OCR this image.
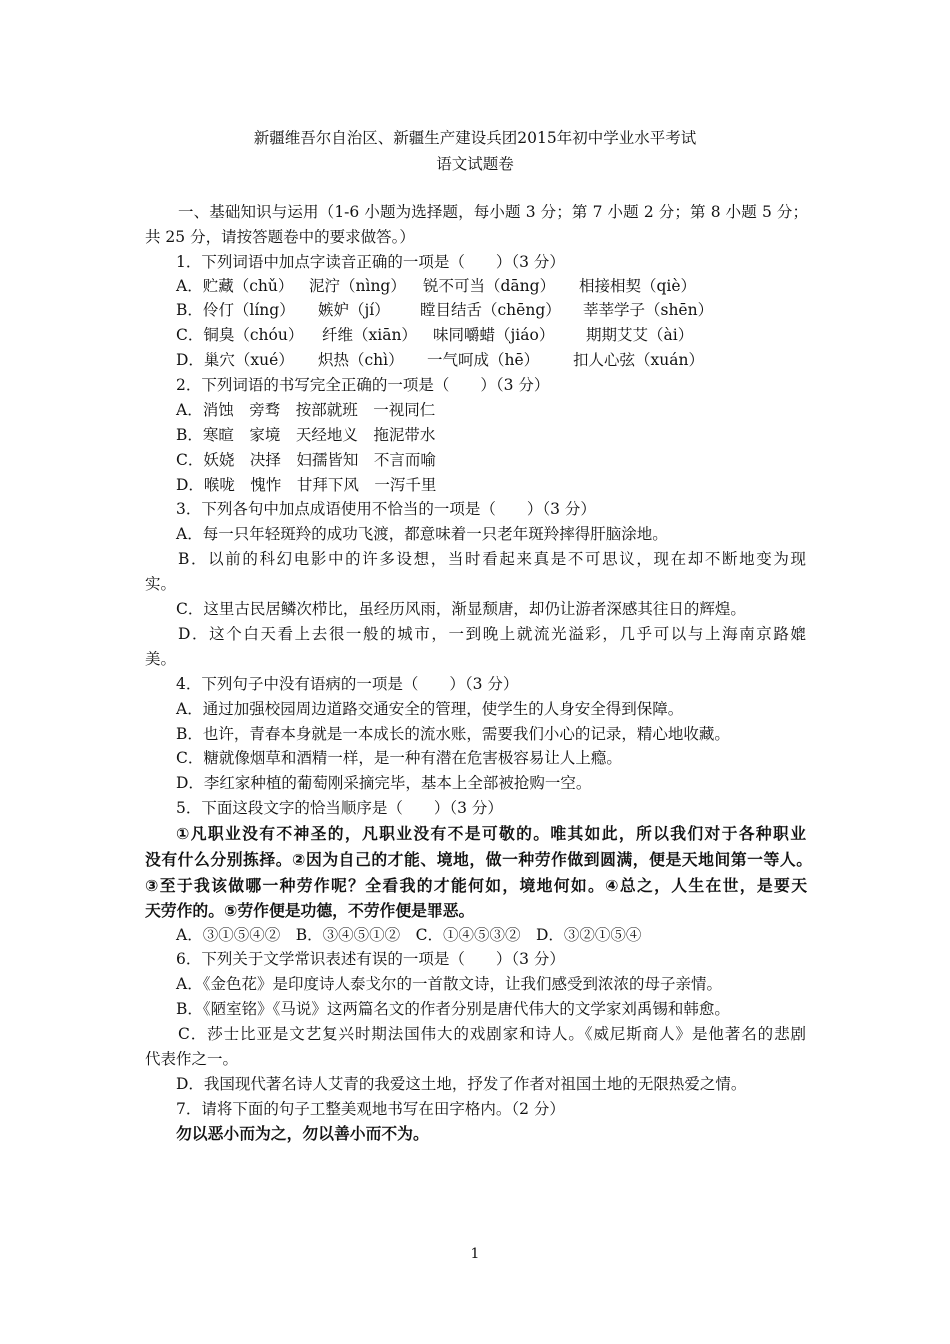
新疆维吾尔自治区、新疆生产建设兵团2015年初中学业水平考试
语文试题卷
一、基础知识与运用（1-6 小题为选择题，每小题 3 分；第 7 小题 2 分；第 8 小题 5 分；
共 25 分，请按答题卷中的要求做答。）
1．下列词语中加点字读音正确的一项是（　　）（3 分）
A．贮藏（chǔ） 泥泞（nìng） 锐不可当（dāng） 相接相契（qiè）
B．伶仃（líng） 嫉妒（jí） 瞠目结舌（chēng） 莘莘学子（shēn）
C．铜臭（chóu） 纤维（xiān） 味同嚼蜡（jiáo） 期期艾艾（ài）
D．巢穴（xué） 炽热（chì） 一气呵成（hē） 扣人心弦（xuán）
2．下列词语的书写完全正确的一项是（　　）（3 分）
A．消蚀　旁骛　按部就班　一视同仁
B．寒暄　家境　天经地义　拖泥带水
C．妖娆　决择　妇孺皆知　不言而喻
D．喉咙　愧怍　甘拜下风　一泻千里
3．下列各句中加点成语使用不恰当的一项是（　　）（3 分）
A．每一只年轻斑羚的成功飞渡，都意味着一只老年斑羚摔得肝脑涂地。
B．以前的科幻电影中的许多设想，当时看起来真是不可思议，现在却不断地变为现
实。
C．这里古民居鳞次栉比，虽经历风雨，渐显颓唐，却仍让游者深感其往日的辉煌。
D．这个白天看上去很一般的城市，一到晚上就流光溢彩，几乎可以与上海南京路媲
美。
4．下列句子中没有语病的一项是（　　）（3 分）
A．通过加强校园周边道路交通安全的管理，使学生的人身安全得到保障。
B．也许，青春本身就是一本成长的流水账，需要我们小心的记录，精心地收藏。
C．糖就像烟草和酒精一样，是一种有潜在危害极容易让人上瘾。
D．李红家种植的葡萄刚采摘完毕，基本上全部被抢购一空。
5．下面这段文字的恰当顺序是（　　）（3 分）
①凡职业没有不神圣的，凡职业没有不是可敬的。唯其如此，所以我们对于各种职业
没有什么分别拣择。②因为自己的才能、境地，做一种劳作做到圆满，便是天地间第一等人。
③至于我该做哪一种劳作呢？全看我的才能何如，境地何如。④总之，人生在世，是要天
天劳作的。⑤劳作便是功德，不劳作便是罪恶。
A．③①⑤④②　B．③④⑤①②　C．①④⑤③②　D．③②①⑤④
6．下列关于文学常识表述有误的一项是（　　）（3 分）
A．《金色花》是印度诗人泰戈尔的一首散文诗，让我们感受到浓浓的母子亲情。
B．《陋室铭》《马说》这两篇名文的作者分别是唐代伟大的文学家刘禹锡和韩愈。
C．莎士比亚是文艺复兴时期法国伟大的戏剧家和诗人。《威尼斯商人》是他著名的悲剧
代表作之一。
D．我国现代著名诗人艾青的我爱这土地，抒发了作者对祖国土地的无限热爱之情。
7．请将下面的句子工整美观地书写在田字格内。（2 分）
勿以恶小而为之，勿以善小而不为。
1
